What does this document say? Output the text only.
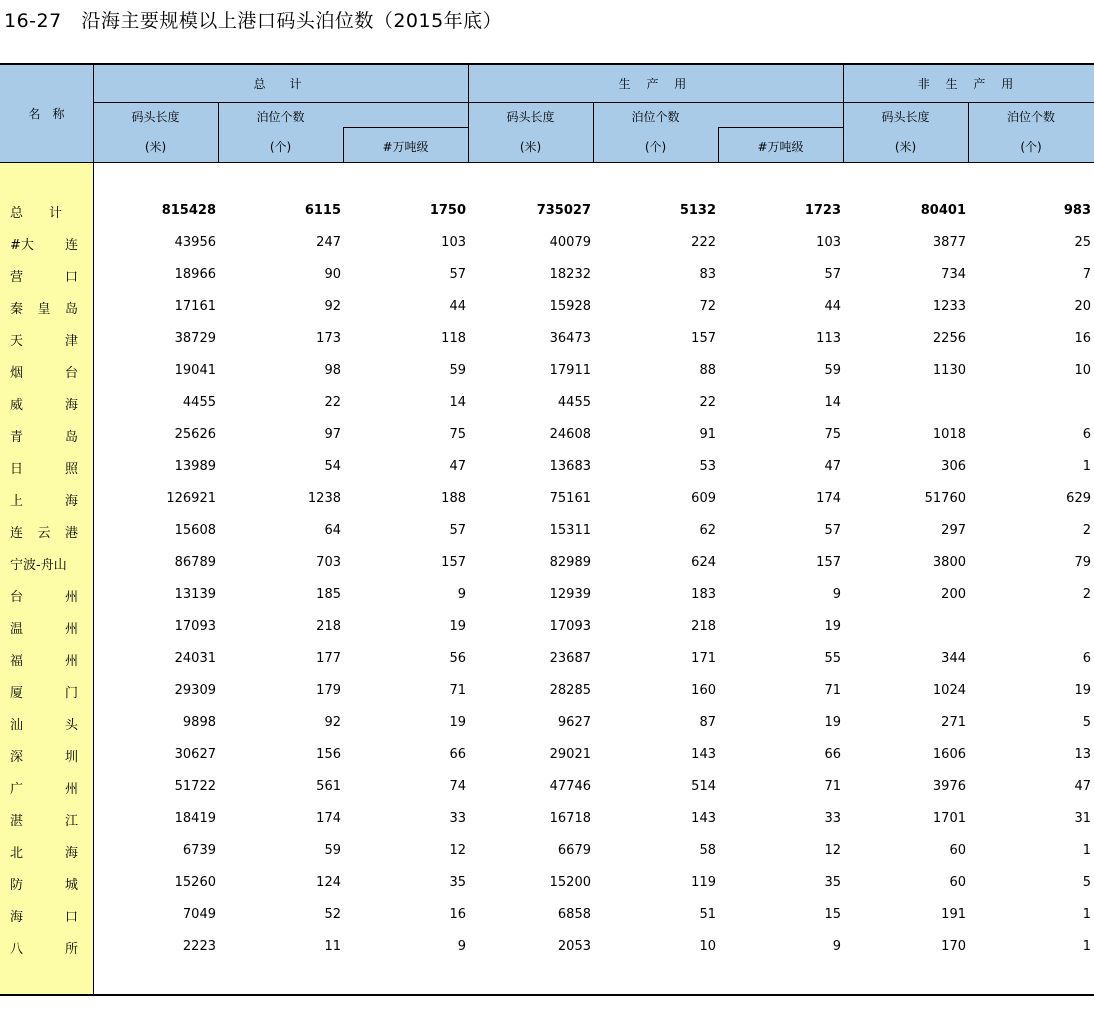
16-27   沿海主要规模以上港口码头泊位数（2015年底）
名　称
总　计	生 产 用	非 生 产 用
码头长度	泊位个数
(米)	(个)	#万吨级
码头长度	泊位个数
(米)	(个)	#万吨级
码头长度	泊位个数
(米)	(个)
总 计	815428	6115	1750	735027	5132	1723	80401	983
#大 连	43956	247	103	40079	222	103	3877	25
营	口	18966	90	57	18232	83	57	734	7
秦 皇 岛	17161	92	44	15928	72	44	1233	20
天	津	38729	173	118	36473	157	113	2256	16
烟	台	19041	98	59	17911	88	59	1130	10
威	海	4455	22	14	4455	22	14
青	岛	25626	97	75	24608	91	75	1018	6
日	照	13989	54	47	13683	53	47	306	1
上	海	126921	1238	188	75161	609	174	51760	629
连 云 港	15608	64	57	15311	62	57	297	2
宁波-舟山	86789	703	157	82989	624	157	3800	79
台	州	13139	185	9	12939	183	9	200	2
温	州	17093	218	19	17093	218	19
福	州	24031	177	56	23687	171	55	344	6
厦	门	29309	179	71	28285	160	71	1024	19
汕	头	9898	92	19	9627	87	19	271	5
深	圳	30627	156	66	29021	143	66	1606	13
广	州	51722	561	74	47746	514	71	3976	47
湛	江	18419	174	33	16718	143	33	1701	31
北	海	6739	59	12	6679	58	12	60	1
防	城	15260	124	35	15200	119	35	60	5
海	口	7049	52	16	6858	51	15	191	1
八	所	2223	11	9	2053	10	9	170	1
